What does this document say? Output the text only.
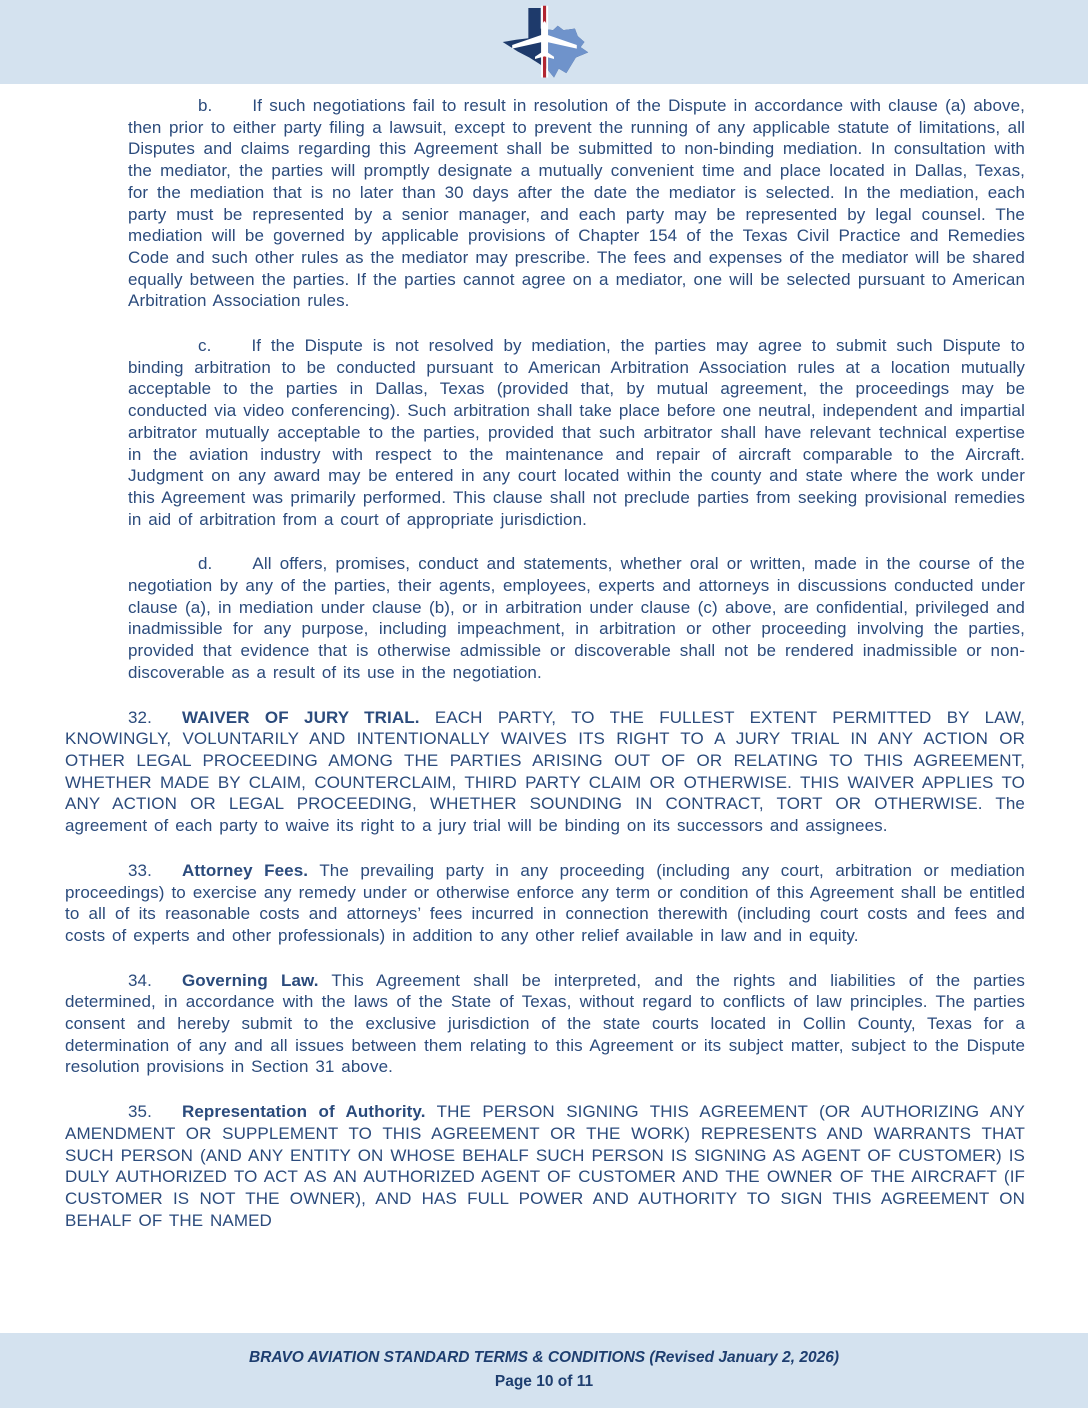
b. If such negotiations fail to result in resolution of the Dispute in accordance with clause (a) above, then prior to either party filing a lawsuit, except to prevent the running of any applicable statute of limitations, all Disputes and claims regarding this Agreement shall be submitted to non-binding mediation. In consultation with the mediator, the parties will promptly designate a mutually convenient time and place located in Dallas, Texas, for the mediation that is no later than 30 days after the date the mediator is selected. In the mediation, each party must be represented by a senior manager, and each party may be represented by legal counsel. The mediation will be governed by applicable provisions of Chapter 154 of the Texas Civil Practice and Remedies Code and such other rules as the mediator may prescribe. The fees and expenses of the mediator will be shared equally between the parties. If the parties cannot agree on a mediator, one will be selected pursuant to American Arbitration Association rules.

c. If the Dispute is not resolved by mediation, the parties may agree to submit such Dispute to binding arbitration to be conducted pursuant to American Arbitration Association rules at a location mutually acceptable to the parties in Dallas, Texas (provided that, by mutual agreement, the proceedings may be conducted via video conferencing). Such arbitration shall take place before one neutral, independent and impartial arbitrator mutually acceptable to the parties, provided that such arbitrator shall have relevant technical expertise in the aviation industry with respect to the maintenance and repair of aircraft comparable to the Aircraft. Judgment on any award may be entered in any court located within the county and state where the work under this Agreement was primarily performed. This clause shall not preclude parties from seeking provisional remedies in aid of arbitration from a court of appropriate jurisdiction.

d. All offers, promises, conduct and statements, whether oral or written, made in the course of the negotiation by any of the parties, their agents, employees, experts and attorneys in discussions conducted under clause (a), in mediation under clause (b), or in arbitration under clause (c) above, are confidential, privileged and inadmissible for any purpose, including impeachment, in arbitration or other proceeding involving the parties, provided that evidence that is otherwise admissible or discoverable shall not be rendered inadmissible or non-discoverable as a result of its use in the negotiation.

32. WAIVER OF JURY TRIAL. EACH PARTY, TO THE FULLEST EXTENT PERMITTED BY LAW, KNOWINGLY, VOLUNTARILY AND INTENTIONALLY WAIVES ITS RIGHT TO A JURY TRIAL IN ANY ACTION OR OTHER LEGAL PROCEEDING AMONG THE PARTIES ARISING OUT OF OR RELATING TO THIS AGREEMENT, WHETHER MADE BY CLAIM, COUNTERCLAIM, THIRD PARTY CLAIM OR OTHERWISE. THIS WAIVER APPLIES TO ANY ACTION OR LEGAL PROCEEDING, WHETHER SOUNDING IN CONTRACT, TORT OR OTHERWISE. The agreement of each party to waive its right to a jury trial will be binding on its successors and assignees.

33. Attorney Fees. The prevailing party in any proceeding (including any court, arbitration or mediation proceedings) to exercise any remedy under or otherwise enforce any term or condition of this Agreement shall be entitled to all of its reasonable costs and attorneys’ fees incurred in connection therewith (including court costs and fees and costs of experts and other professionals) in addition to any other relief available in law and in equity.

34. Governing Law. This Agreement shall be interpreted, and the rights and liabilities of the parties determined, in accordance with the laws of the State of Texas, without regard to conflicts of law principles. The parties consent and hereby submit to the exclusive jurisdiction of the state courts located in Collin County, Texas for a determination of any and all issues between them relating to this Agreement or its subject matter, subject to the Dispute resolution provisions in Section 31 above.

35. Representation of Authority. THE PERSON SIGNING THIS AGREEMENT (OR AUTHORIZING ANY AMENDMENT OR SUPPLEMENT TO THIS AGREEMENT OR THE WORK) REPRESENTS AND WARRANTS THAT SUCH PERSON (AND ANY ENTITY ON WHOSE BEHALF SUCH PERSON IS SIGNING AS AGENT OF CUSTOMER) IS DULY AUTHORIZED TO ACT AS AN AUTHORIZED AGENT OF CUSTOMER AND THE OWNER OF THE AIRCRAFT (IF CUSTOMER IS NOT THE OWNER), AND HAS FULL POWER AND AUTHORITY TO SIGN THIS AGREEMENT ON BEHALF OF THE NAMED

BRAVO AVIATION STANDARD TERMS & CONDITIONS (Revised January 2, 2026)
Page 10 of 11
